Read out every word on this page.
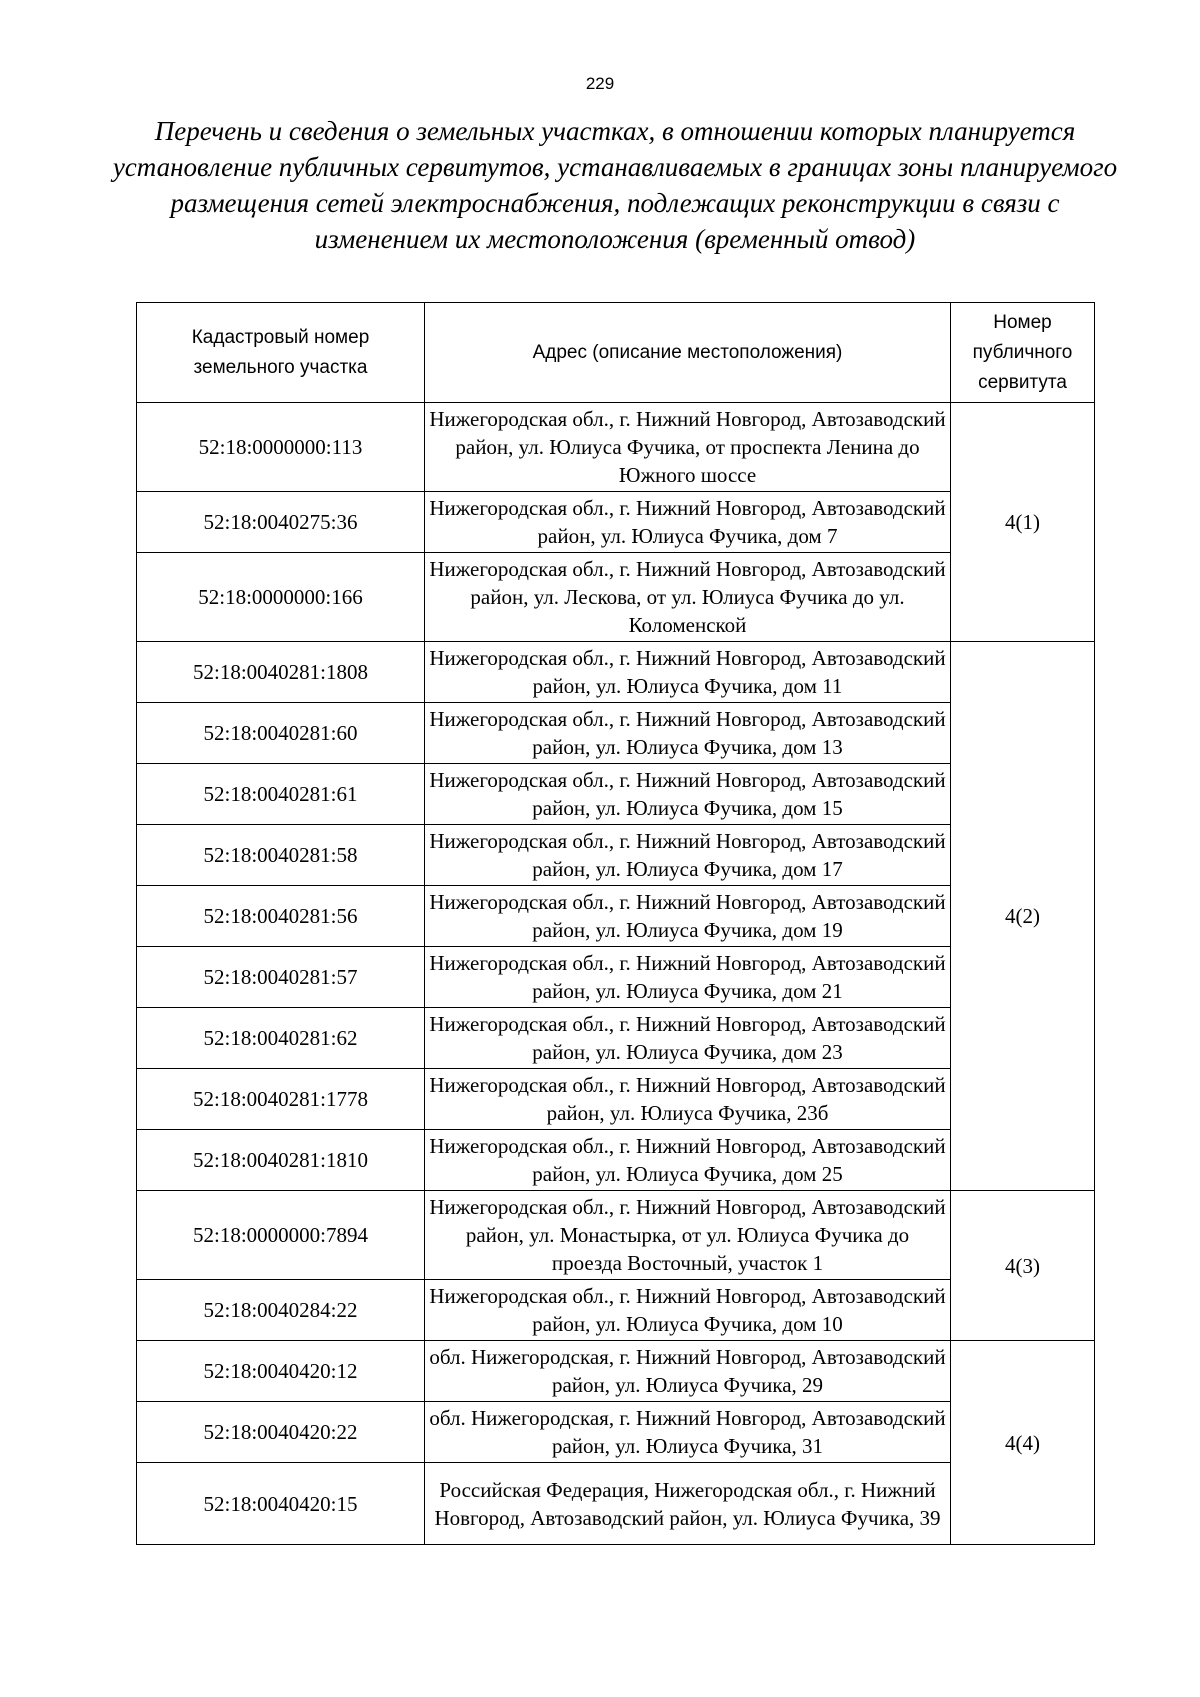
229
Перечень и сведения о земельных участках, в отношении которых планируется установление публичных сервитутов, устанавливаемых в границах зоны планируемого размещения сетей электроснабжения, подлежащих реконструкции в связи с изменением их местоположения (временный отвод)
Кадастровый номер земельного участка	Адрес (описание местоположения)	Номер публичного сервитута
52:18:0000000:113	Нижегородская обл., г. Нижний Новгород, Автозаводский район, ул. Юлиуса Фучика, от проспекта Ленина до Южного шоссе	4(1)
52:18:0040275:36	Нижегородская обл., г. Нижний Новгород, Автозаводский район, ул. Юлиуса Фучика, дом 7	
52:18:0000000:166	Нижегородская обл., г. Нижний Новгород, Автозаводский район, ул. Лескова, от ул. Юлиуса Фучика до ул. Коломенской	
52:18:0040281:1808	Нижегородская обл., г. Нижний Новгород, Автозаводский район, ул. Юлиуса Фучика, дом 11	4(2)
52:18:0040281:60	Нижегородская обл., г. Нижний Новгород, Автозаводский район, ул. Юлиуса Фучика, дом 13	
52:18:0040281:61	Нижегородская обл., г. Нижний Новгород, Автозаводский район, ул. Юлиуса Фучика, дом 15	
52:18:0040281:58	Нижегородская обл., г. Нижний Новгород, Автозаводский район, ул. Юлиуса Фучика, дом 17	
52:18:0040281:56	Нижегородская обл., г. Нижний Новгород, Автозаводский район, ул. Юлиуса Фучика, дом 19	
52:18:0040281:57	Нижегородская обл., г. Нижний Новгород, Автозаводский район, ул. Юлиуса Фучика, дом 21	
52:18:0040281:62	Нижегородская обл., г. Нижний Новгород, Автозаводский район, ул. Юлиуса Фучика, дом 23	
52:18:0040281:1778	Нижегородская обл., г. Нижний Новгород, Автозаводский район, ул. Юлиуса Фучика, 23б	
52:18:0040281:1810	Нижегородская обл., г. Нижний Новгород, Автозаводский район, ул. Юлиуса Фучика, дом 25	
52:18:0000000:7894	Нижегородская обл., г. Нижний Новгород, Автозаводский район, ул. Монастырка, от ул. Юлиуса Фучика до проезда Восточный, участок 1	4(3)
52:18:0040284:22	Нижегородская обл., г. Нижний Новгород, Автозаводский район, ул. Юлиуса Фучика, дом 10	
52:18:0040420:12	обл. Нижегородская, г. Нижний Новгород, Автозаводский район, ул. Юлиуса Фучика, 29	4(4)
52:18:0040420:22	обл. Нижегородская, г. Нижний Новгород, Автозаводский район, ул. Юлиуса Фучика, 31	
52:18:0040420:15	Российская Федерация, Нижегородская обл., г. Нижний Новгород, Автозаводский район, ул. Юлиуса Фучика, 39	
